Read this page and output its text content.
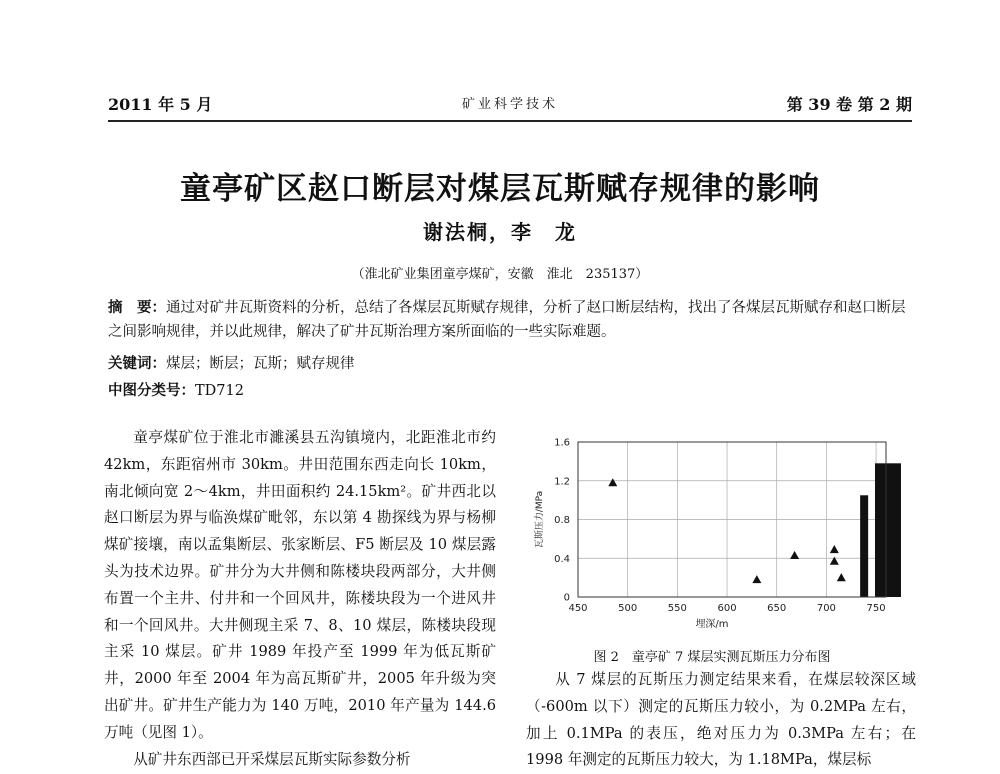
2011 年 5 月	矿业科学技术	第 39 卷 第 2 期
童亭矿区赵口断层对煤层瓦斯赋存规律的影响
谢法桐，李　龙
（淮北矿业集团童亭煤矿，安徽　淮北　235137）
摘　要：通过对矿井瓦斯资料的分析，总结了各煤层瓦斯赋存规律，分析了赵口断层结构，找出了各煤层瓦斯赋存和赵口断层之间影响规律，并以此规律，解决了矿井瓦斯治理方案所面临的一些实际难题。
关键词：煤层；断层；瓦斯；赋存规律
中图分类号：TD712

童亭煤矿位于淮北市濉溪县五沟镇境内，北距淮北市约 42km，东距宿州市 30km。井田范围东西走向长 10km，南北倾向宽 2～4km，井田面积约 24.15km²。矿井西北以赵口断层为界与临涣煤矿毗邻，东以第 4 勘探线为界与杨柳煤矿接壤，南以孟集断层、张家断层、F5 断层及 10 煤层露头为技术边界。矿井分为大井侧和陈楼块段两部分，大井侧布置一个主井、付井和一个回风井，陈楼块段为一个进风井和一个回风井。大井侧现主采 7、8、10 煤层，陈楼块段现主采 10 煤层。矿井 1989 年投产至 1999 年为低瓦斯矿井，2000 年至 2004 年为高瓦斯矿井，2005 年升级为突出矿井。矿井生产能力为 140 万吨，2010 年产量为 144.6 万吨（见图 1）。

从矿井东西部已开采煤层瓦斯实际参数分析

450	500	550	600	650	700	750
0
0.4
0.8
1.2
1.6
埋深/m
瓦斯压力/MPa
图 2　童亭矿 7 煤层实测瓦斯压力分布图

从 7 煤层的瓦斯压力测定结果来看，在煤层较深区域（-600m 以下）测定的瓦斯压力较小，为 0.2MPa 左右，加上 0.1MPa 的表压，绝对压力为 0.3MPa 左右；在 1998 年测定的瓦斯压力较大，为 1.18MPa，煤层标
